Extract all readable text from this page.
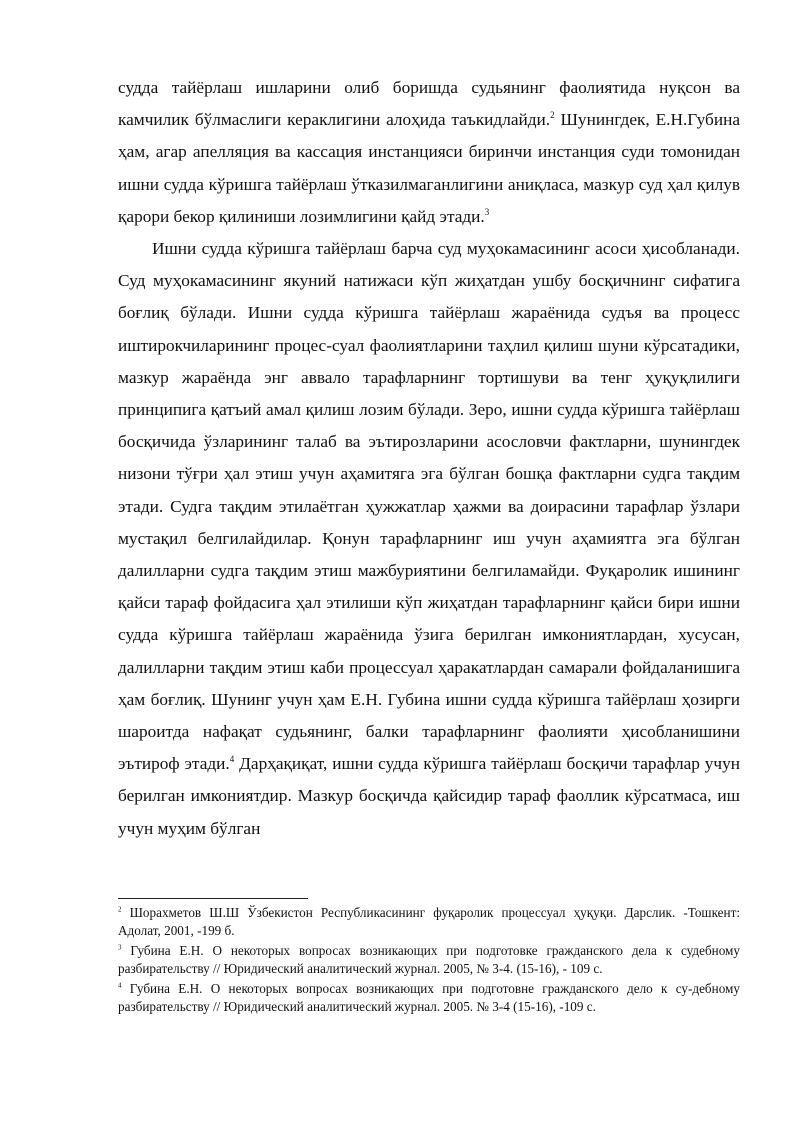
судда тайёрлаш ишларини олиб боришда судьянинг фаолиятида нуқсон ва камчилик бўлмаслиги кераклигини алоҳида таъкидлайди.$^2$ Шунингдек, Е.Н.Губина ҳам, агар апелляция ва кассация инстанцияси биринчи инстанция суди томонидан ишни судда кўришга тайёрлаш ўтказилмаганлигини аниқласа, мазкур суд ҳал қилув қарори бекор қилиниши лозимлигини қайд этади.$^3$

Ишни судда кўришга тайёрлаш барча суд муҳокамасининг асоси ҳисобланади. Суд муҳокамасининг якуний натижаси кўп жиҳатдан ушбу босқичнинг сифатига боғлиқ бўлади. Ишни судда кўришга тайёрлаш жараёнида судъя ва процесс иштирокчиларининг процес-суал фаолиятларини таҳлил қилиш шуни кўрсатадики, мазкур жараёнда энг аввало тарафларнинг тортишуви ва тенг ҳуқуқлилиги принципига қатъий амал қилиш лозим бўлади. Зеро, ишни судда кўришга тайёрлаш босқичида ўзларининг талаб ва эътирозларини асословчи фактларни, шунингдек низони тўғри ҳал этиш учун аҳамитяга эга бўлган бошқа фактларни судга тақдим этади. Судга тақдим этилаётган ҳужжатлар ҳажми ва доирасини тарафлар ўзлари мустақил белгилайдилар. Қонун тарафларнинг иш учун аҳамиятга эга бўлган далилларни судга тақдим этиш мажбуриятини белгиламайди. Фуқаролик ишининг қайси тараф фойдасига ҳал этилиши кўп жиҳатдан тарафларнинг қайси бири ишни судда кўришга тайёрлаш жараёнида ўзига берилган имкониятлардан, хусусан, далилларни тақдим этиш каби процессуал ҳаракатлардан самарали фойдаланишига ҳам боғлиқ. Шунинг учун ҳам Е.Н. Губина ишни судда кўришга тайёрлаш ҳозирги шароитда нафақат судьянинг, балки тарафларнинг фаолияти ҳисобланишини эътироф этади.$^4$ Дарҳақиқат, ишни судда кўришга тайёрлаш босқичи тарафлар учун берилган имкониятдир. Мазкур босқичда қайсидир тараф фаоллик кўрсатмаса, иш учун муҳим бўлган

$^2$ Шорахметов Ш.Ш Ўзбекистон Республикасининг фуқаролик процессуал ҳуқуқи. Дарслик. -Тошкент: Адолат, 2001, -199 б.

$^3$ Губина Е.Н. О некоторых вопросах возникающих при подготовке гражданского дела к судебному разбирательству // Юридический аналитический журнал. 2005, № 3-4. (15-16), - 109 с.

$^4$ Губина Е.Н. О некоторых вопросах возникающих при подготовне гражданского дело к су-дебному разбирательству // Юридический аналитический журнал. 2005. № 3-4 (15-16), -109 с.
